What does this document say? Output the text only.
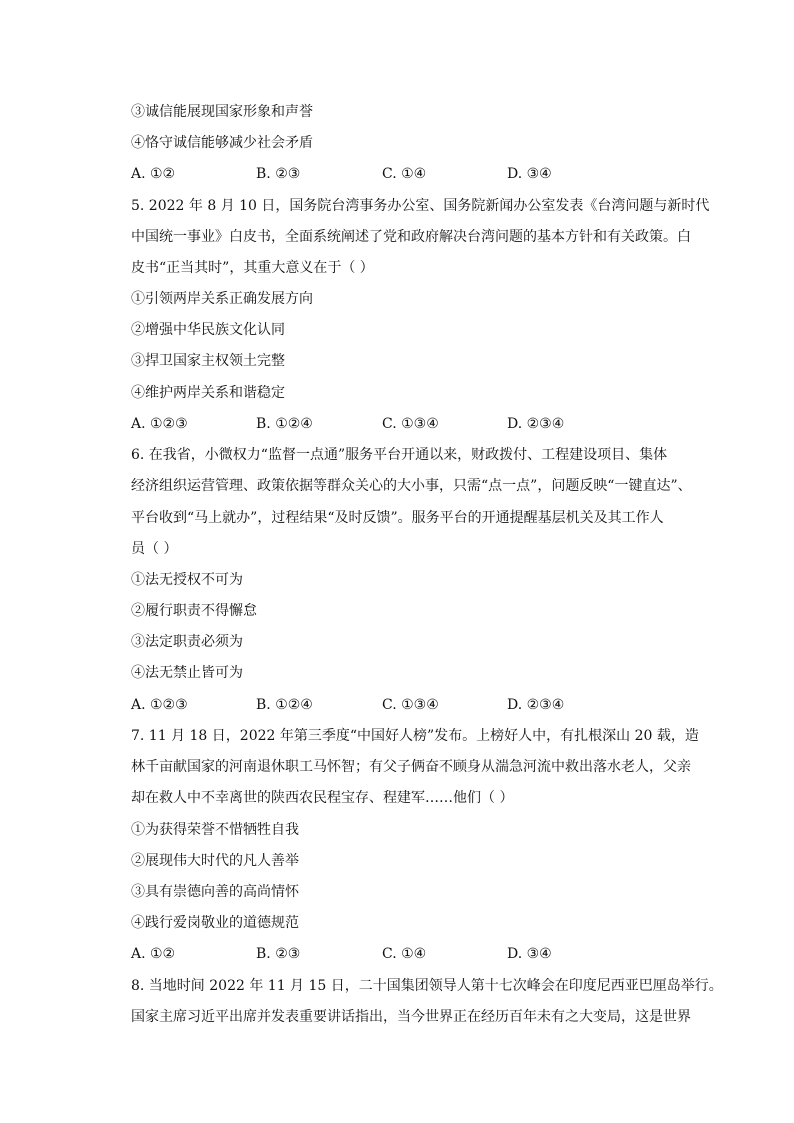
③诚信能展现国家形象和声誉
④恪守诚信能够减少社会矛盾
A. ①②	B. ②③	C. ①④	D. ③④
5. 2022 年 8 月 10 日，国务院台湾事务办公室、国务院新闻办公室发表《台湾问题与新时代
中国统一事业》白皮书，全面系统阐述了党和政府解决台湾问题的基本方针和有关政策。白
皮书“正当其时”，其重大意义在于（ ）
①引领两岸关系正确发展方向
②增强中华民族文化认同
③捍卫国家主权领土完整
④维护两岸关系和谐稳定
A. ①②③	B. ①②④	C. ①③④	D. ②③④
6. 在我省，小微权力“监督一点通”服务平台开通以来，财政拨付、工程建设项目、集体
经济组织运营管理、政策依据等群众关心的大小事，只需“点一点”，问题反映“一键直达”、
平台收到“马上就办”，过程结果“及时反馈”。服务平台的开通提醒基层机关及其工作人
员（ ）
①法无授权不可为
②履行职责不得懈怠
③法定职责必须为
④法无禁止皆可为
A. ①②③	B. ①②④	C. ①③④	D. ②③④
7. 11 月 18 日，2022 年第三季度“中国好人榜”发布。上榜好人中，有扎根深山 20 载，造
林千亩献国家的河南退休职工马怀智；有父子俩奋不顾身从湍急河流中救出落水老人，父亲
却在救人中不幸离世的陕西农民程宝存、程建军……他们（ ）
①为获得荣誉不惜牺牲自我
②展现伟大时代的凡人善举
③具有崇德向善的高尚情怀
④践行爱岗敬业的道德规范
A. ①②	B. ②③	C. ①④	D. ③④
8. 当地时间 2022 年 11 月 15 日，二十国集团领导人第十七次峰会在印度尼西亚巴厘岛举行。
国家主席习近平出席并发表重要讲话指出，当今世界正在经历百年未有之大变局，这是世界
